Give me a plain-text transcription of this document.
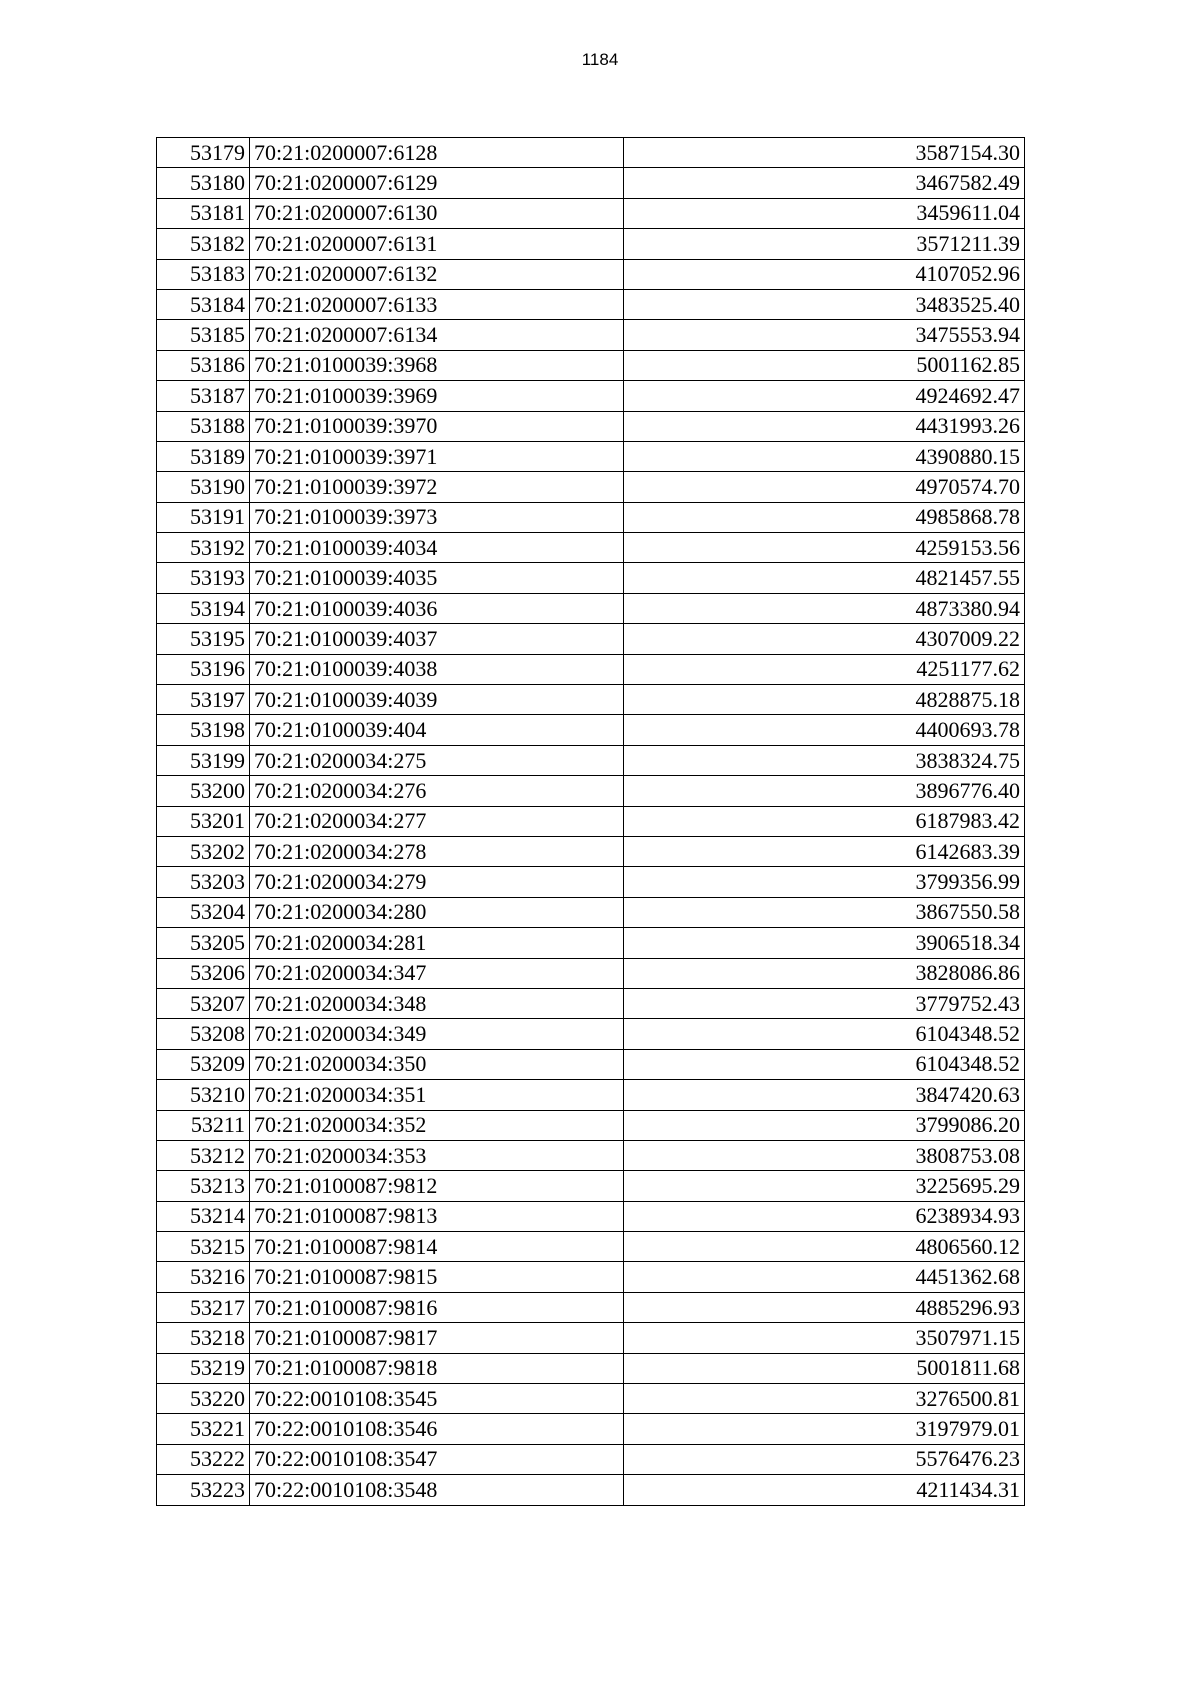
1184
53179	70:21:0200007:6128	3587154.30
53180	70:21:0200007:6129	3467582.49
53181	70:21:0200007:6130	3459611.04
53182	70:21:0200007:6131	3571211.39
53183	70:21:0200007:6132	4107052.96
53184	70:21:0200007:6133	3483525.40
53185	70:21:0200007:6134	3475553.94
53186	70:21:0100039:3968	5001162.85
53187	70:21:0100039:3969	4924692.47
53188	70:21:0100039:3970	4431993.26
53189	70:21:0100039:3971	4390880.15
53190	70:21:0100039:3972	4970574.70
53191	70:21:0100039:3973	4985868.78
53192	70:21:0100039:4034	4259153.56
53193	70:21:0100039:4035	4821457.55
53194	70:21:0100039:4036	4873380.94
53195	70:21:0100039:4037	4307009.22
53196	70:21:0100039:4038	4251177.62
53197	70:21:0100039:4039	4828875.18
53198	70:21:0100039:404	4400693.78
53199	70:21:0200034:275	3838324.75
53200	70:21:0200034:276	3896776.40
53201	70:21:0200034:277	6187983.42
53202	70:21:0200034:278	6142683.39
53203	70:21:0200034:279	3799356.99
53204	70:21:0200034:280	3867550.58
53205	70:21:0200034:281	3906518.34
53206	70:21:0200034:347	3828086.86
53207	70:21:0200034:348	3779752.43
53208	70:21:0200034:349	6104348.52
53209	70:21:0200034:350	6104348.52
53210	70:21:0200034:351	3847420.63
53211	70:21:0200034:352	3799086.20
53212	70:21:0200034:353	3808753.08
53213	70:21:0100087:9812	3225695.29
53214	70:21:0100087:9813	6238934.93
53215	70:21:0100087:9814	4806560.12
53216	70:21:0100087:9815	4451362.68
53217	70:21:0100087:9816	4885296.93
53218	70:21:0100087:9817	3507971.15
53219	70:21:0100087:9818	5001811.68
53220	70:22:0010108:3545	3276500.81
53221	70:22:0010108:3546	3197979.01
53222	70:22:0010108:3547	5576476.23
53223	70:22:0010108:3548	4211434.31
